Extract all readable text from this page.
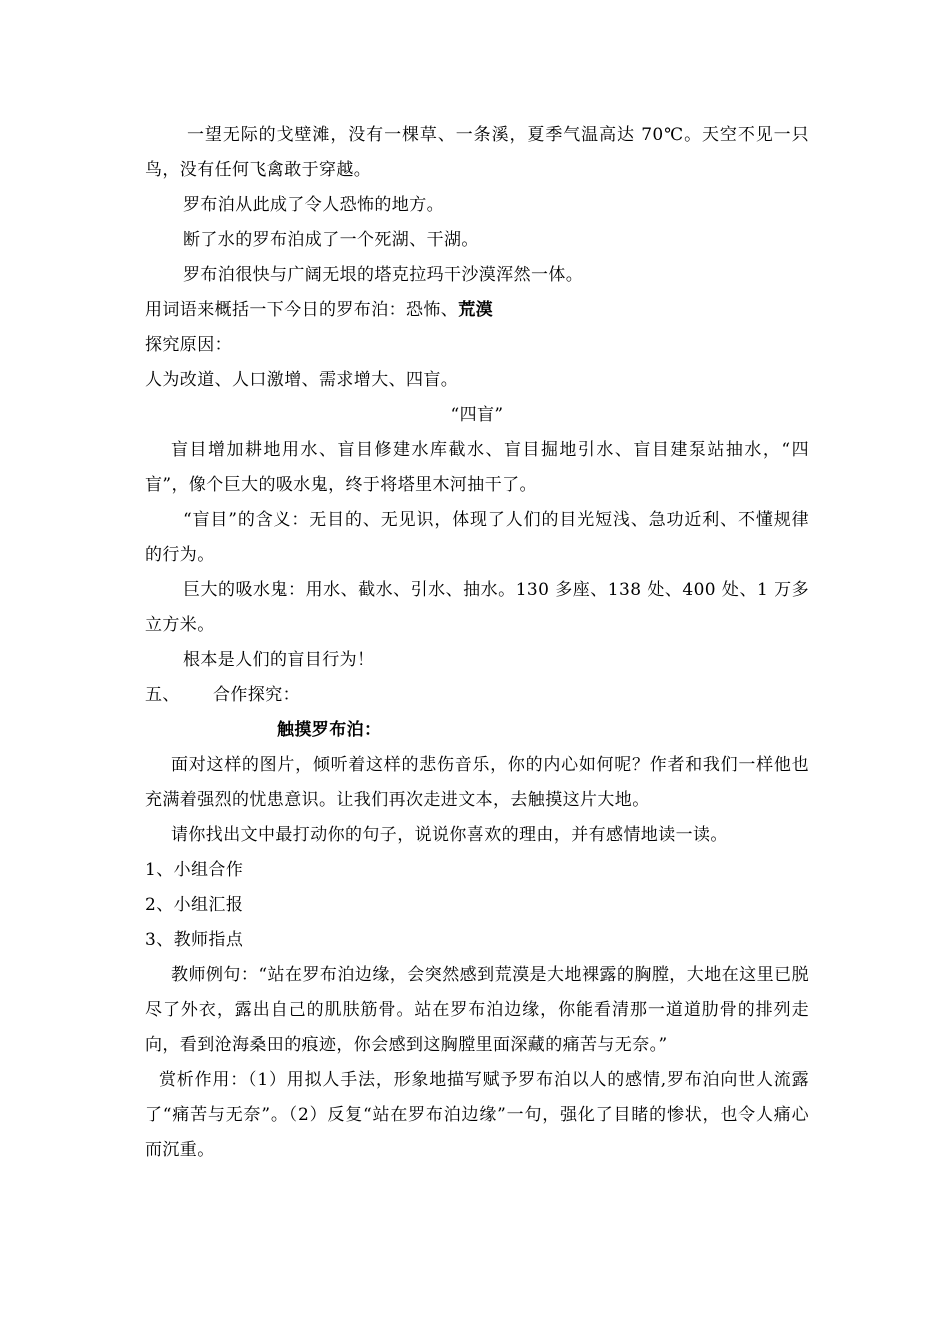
一望无际的戈壁滩，没有一棵草、一条溪，夏季气温高达 70℃。天空不见一只鸟，没有任何飞禽敢于穿越。

罗布泊从此成了令人恐怖的地方。

断了水的罗布泊成了一个死湖、干湖。

罗布泊很快与广阔无垠的塔克拉玛干沙漠浑然一体。

用词语来概括一下今日的罗布泊：恐怖、荒漠

探究原因：

人为改道、人口激增、需求增大、四盲。

“四盲”

盲目增加耕地用水、盲目修建水库截水、盲目掘地引水、盲目建泵站抽水，“四盲”，像个巨大的吸水鬼，终于将塔里木河抽干了。

“盲目”的含义：无目的、无见识，体现了人们的目光短浅、急功近利、不懂规律的行为。

巨大的吸水鬼：用水、截水、引水、抽水。130 多座、138 处、400 处、1 万多立方米。

根本是人们的盲目行为！

五、	合作探究：

触摸罗布泊：

面对这样的图片，倾听着这样的悲伤音乐，你的内心如何呢？作者和我们一样他也充满着强烈的忧患意识。让我们再次走进文本，去触摸这片大地。

请你找出文中最打动你的句子，说说你喜欢的理由，并有感情地读一读。

1、小组合作

2、小组汇报

3、教师指点

教师例句：“站在罗布泊边缘，会突然感到荒漠是大地裸露的胸膛，大地在这里已脱尽了外衣，露出自己的肌肤筋骨。站在罗布泊边缘，你能看清那一道道肋骨的排列走向，看到沧海桑田的痕迹，你会感到这胸膛里面深藏的痛苦与无奈。”

赏析作用：（1）用拟人手法，形象地描写赋予罗布泊以人的感情,罗布泊向世人流露了“痛苦与无奈”。（2）反复“站在罗布泊边缘”一句，强化了目睹的惨状，也令人痛心而沉重。
